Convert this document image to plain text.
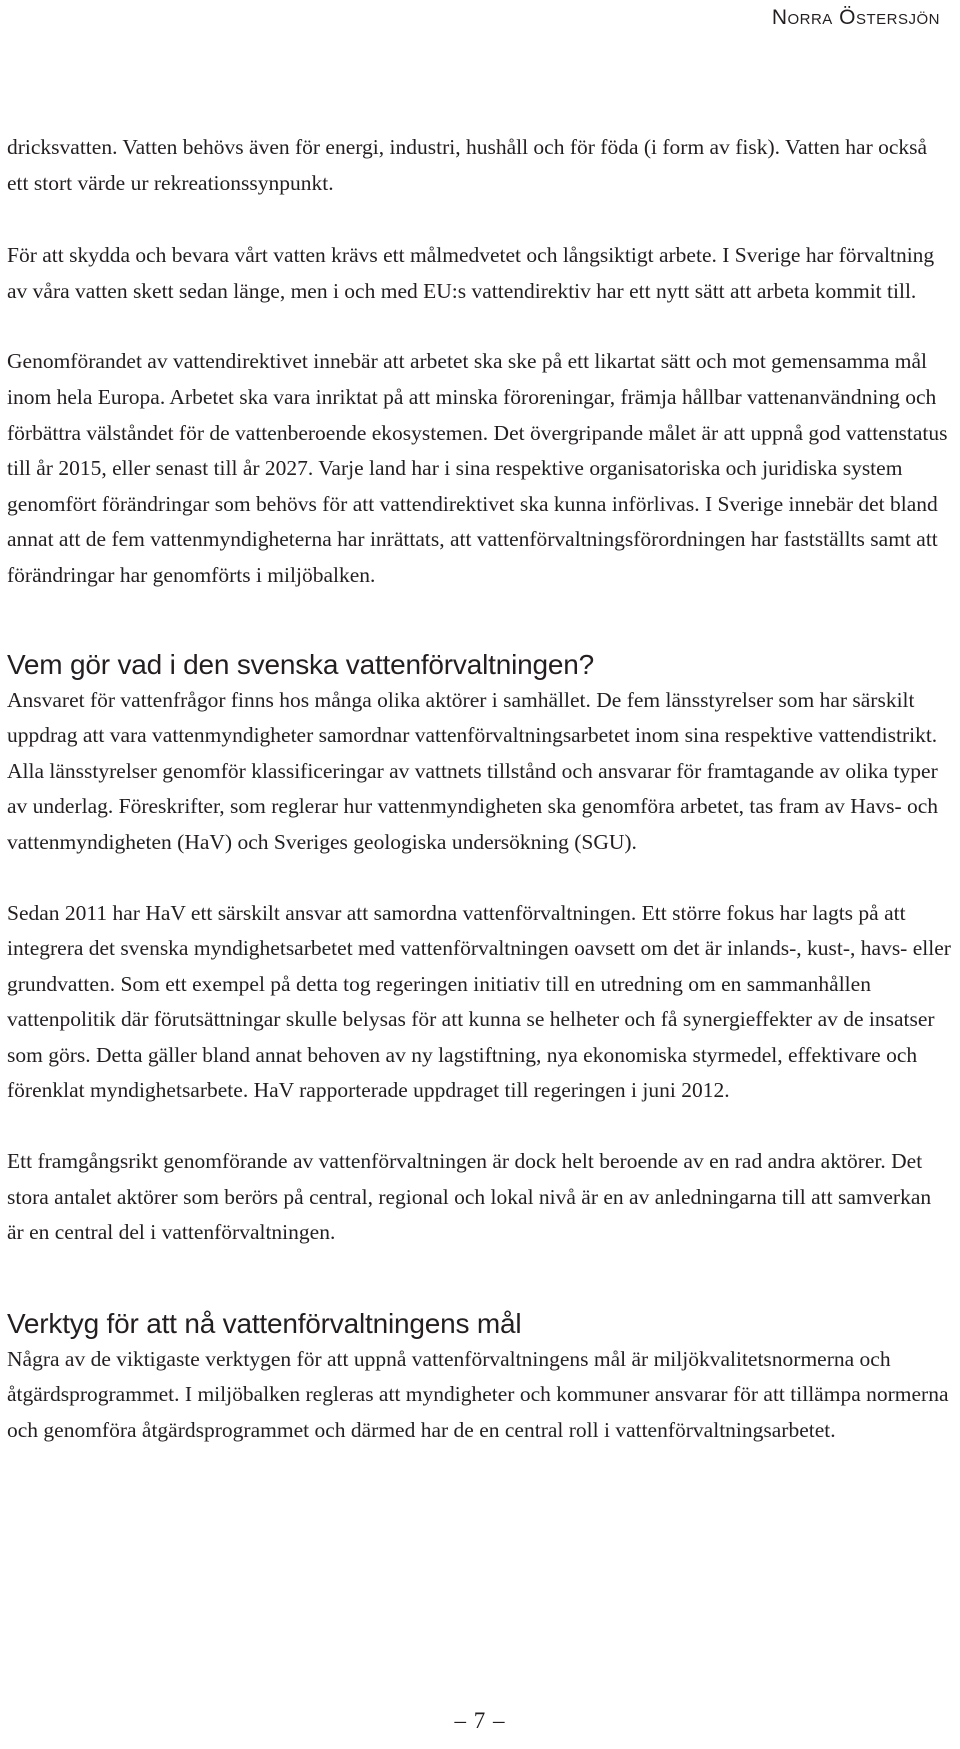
Norra Östersjön

dricksvatten. Vatten behövs även för energi, industri, hushåll och för föda (i form av fisk). Vatten har också ett stort värde ur rekreationssynpunkt.

För att skydda och bevara vårt vatten krävs ett målmedvetet och långsiktigt arbete. I Sverige har förvaltning av våra vatten skett sedan länge, men i och med EU:s vattendirektiv har ett nytt sätt att arbeta kommit till.

Genomförandet av vattendirektivet innebär att arbetet ska ske på ett likartat sätt och mot gemensamma mål inom hela Europa. Arbetet ska vara inriktat på att minska föroreningar, främja hållbar vattenanvändning och förbättra välståndet för de vattenberoende ekosystemen. Det övergripande målet är att uppnå god vattenstatus till år 2015, eller senast till år 2027. Varje land har i sina respektive organisatoriska och juridiska system genomfört förändringar som behövs för att vattendirektivet ska kunna införlivas. I Sverige innebär det bland annat att de fem vattenmyndigheterna har inrättats, att vattenförvaltningsförordningen har fastställts samt att förändringar har genomförts i miljöbalken.

Vem gör vad i den svenska vattenförvaltningen?

Ansvaret för vattenfrågor finns hos många olika aktörer i samhället. De fem länsstyrelser som har särskilt uppdrag att vara vattenmyndigheter samordnar vattenförvaltningsarbetet inom sina respektive vattendistrikt. Alla länsstyrelser genomför klassificeringar av vattnets tillstånd och ansvarar för framtagande av olika typer av underlag. Föreskrifter, som reglerar hur vattenmyndigheten ska genomföra arbetet, tas fram av Havs- och vattenmyndigheten (HaV) och Sveriges geologiska undersökning (SGU).

Sedan 2011 har HaV ett särskilt ansvar att samordna vattenförvaltningen. Ett större fokus har lagts på att integrera det svenska myndighetsarbetet med vattenförvaltningen oavsett om det är inlands-, kust-, havs- eller grundvatten. Som ett exempel på detta tog regeringen initiativ till en utredning om en sammanhållen vattenpolitik där förutsättningar skulle belysas för att kunna se helheter och få synergieffekter av de insatser som görs. Detta gäller bland annat behoven av ny lagstiftning, nya ekonomiska styrmedel, effektivare och förenklat myndighetsarbete. HaV rapporterade uppdraget till regeringen i juni 2012.

Ett framgångsrikt genomförande av vattenförvaltningen är dock helt beroende av en rad andra aktörer. Det stora antalet aktörer som berörs på central, regional och lokal nivå är en av anledningarna till att samverkan är en central del i vattenförvaltningen.

Verktyg för att nå vattenförvaltningens mål

Några av de viktigaste verktygen för att uppnå vattenförvaltningens mål är miljökvalitetsnormerna och åtgärdsprogrammet. I miljöbalken regleras att myndigheter och kommuner ansvarar för att tillämpa normerna och genomföra åtgärdsprogrammet och därmed har de en central roll i vattenförvaltningsarbetet.

– 7 –
